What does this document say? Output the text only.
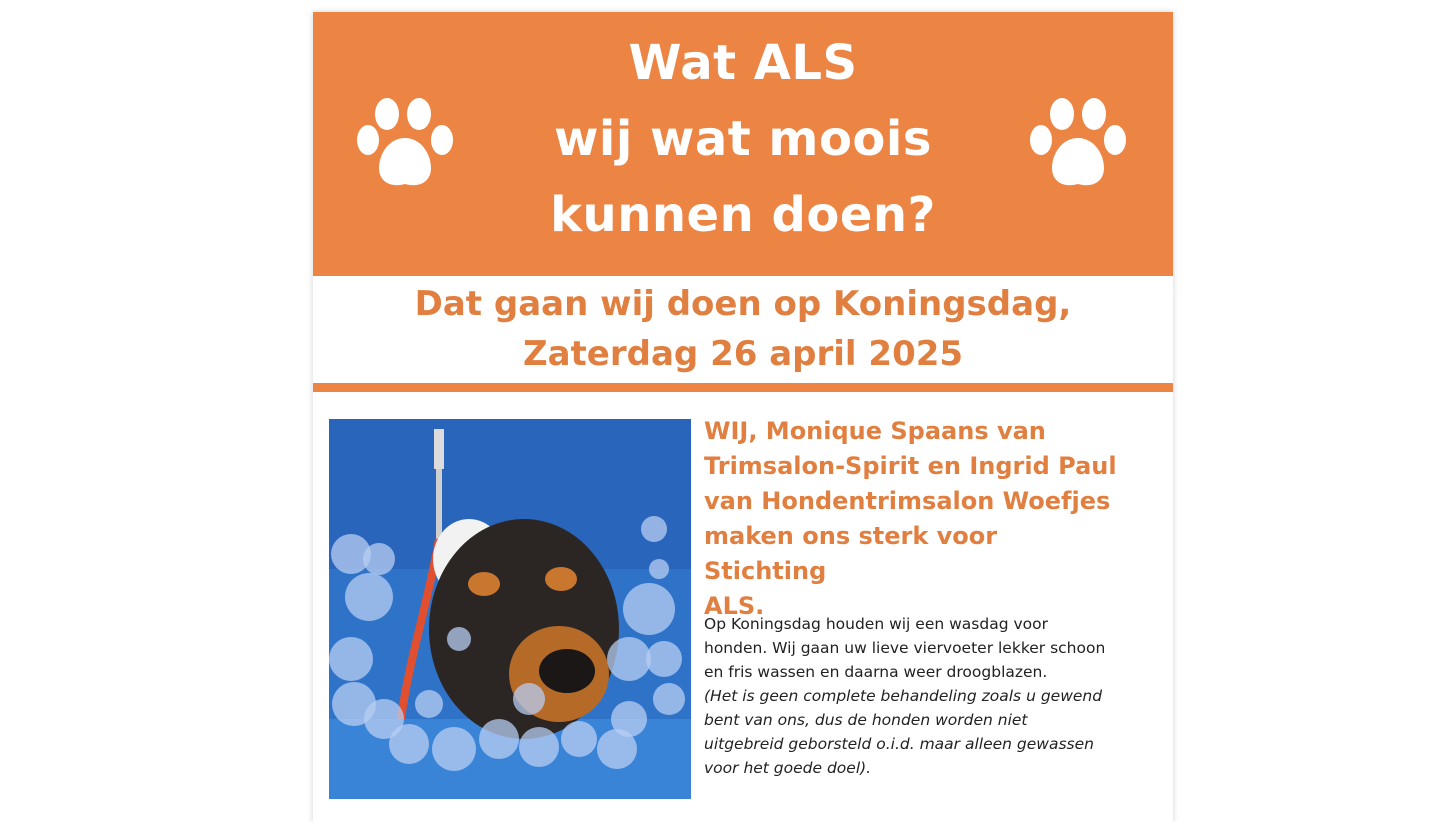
Wat ALS
wij wat moois
kunnen doen?
Dat gaan wij doen op Koningsdag,
Zaterdag 26 april 2025
WIJ, Monique Spaans van
Trimsalon-Spirit en Ingrid Paul
van Hondentrimsalon Woefjes
maken ons sterk voor Stichting
ALS.
Op Koningsdag houden wij een wasdag voor
honden. Wij gaan uw lieve viervoeter lekker schoon
en fris wassen en daarna weer droogblazen.
(Het is geen complete behandeling zoals u gewend
bent van ons, dus de honden worden niet
uitgebreid geborsteld o.i.d. maar alleen gewassen
voor het goede doel).
